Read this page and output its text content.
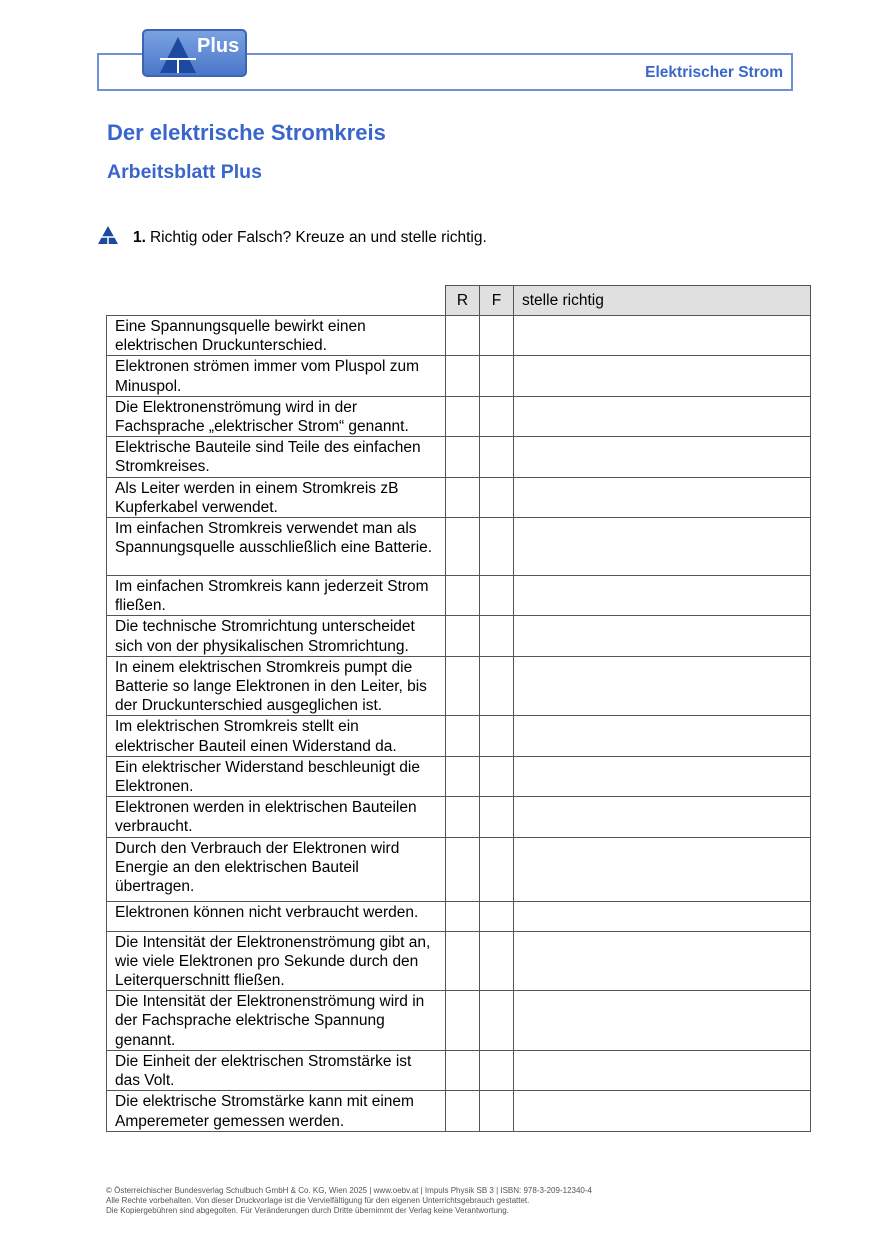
Plus
Elektrischer Strom
Der elektrische Stromkreis
Arbeitsblatt Plus
1. Richtig oder Falsch? Kreuze an und stelle richtig.
	R	F	stelle richtig
Eine Spannungsquelle bewirkt einen elektrischen Druckunterschied.			
Elektronen strömen immer vom Pluspol zum Minuspol.			
Die Elektronenströmung wird in der Fachsprache „elektrischer Strom“ genannt.			
Elektrische Bauteile sind Teile des einfachen Stromkreises.			
Als Leiter werden in einem Stromkreis zB Kupferkabel verwendet.			
Im einfachen Stromkreis verwendet man als Spannungsquelle ausschließlich eine Batterie.			
Im einfachen Stromkreis kann jederzeit Strom fließen.			
Die technische Stromrichtung unterscheidet sich von der physikalischen Stromrichtung.			
In einem elektrischen Stromkreis pumpt die Batterie so lange Elektronen in den Leiter, bis der Druckunterschied ausgeglichen ist.			
Im elektrischen Stromkreis stellt ein elektrischer Bauteil einen Widerstand da.			
Ein elektrischer Widerstand beschleunigt die Elektronen.			
Elektronen werden in elektrischen Bauteilen verbraucht.			
Durch den Verbrauch der Elektronen wird Energie an den elektrischen Bauteil übertragen.			
Elektronen können nicht verbraucht werden.			
Die Intensität der Elektronenströmung gibt an, wie viele Elektronen pro Sekunde durch den Leiterquerschnitt fließen.			
Die Intensität der Elektronenströmung wird in der Fachsprache elektrische Spannung genannt.			
Die Einheit der elektrischen Stromstärke ist das Volt.			
Die elektrische Stromstärke kann mit einem Amperemeter gemessen werden.			
© Österreichischer Bundesverlag Schulbuch GmbH & Co. KG, Wien 2025 | www.oebv.at | Impuls Physik SB 3 | ISBN: 978-3-209-12340-4
Alle Rechte vorbehalten. Von dieser Druckvorlage ist die Vervielfältigung für den eigenen Unterrichtsgebrauch gestattet.
Die Kopiergebühren sind abgegolten. Für Veränderungen durch Dritte übernimmt der Verlag keine Verantwortung.
